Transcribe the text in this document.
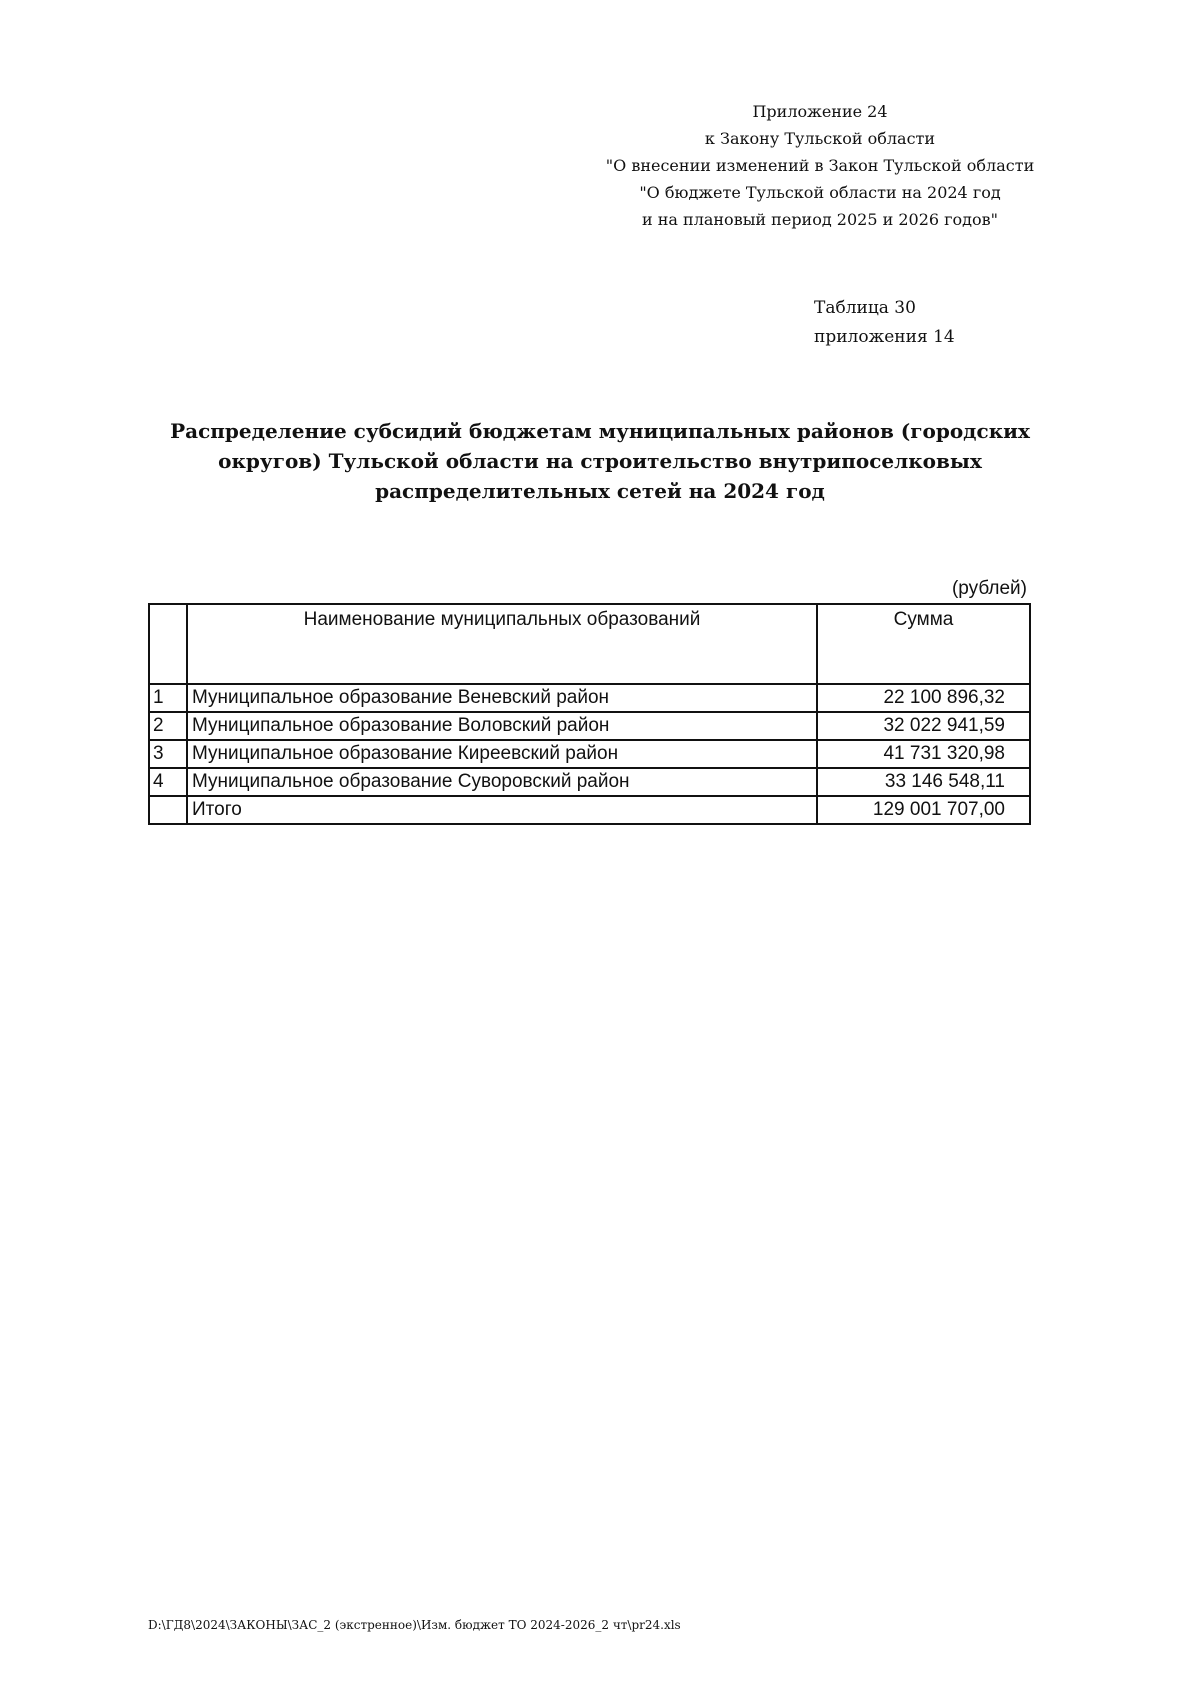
Приложение 24
к Закону Тульской области
"О внесении изменений в Закон Тульской области
"О бюджете Тульской области на 2024 год
и на плановый период 2025 и 2026 годов"
Таблица 30
приложения 14
Распределение субсидий бюджетам муниципальных районов (городских
округов) Тульской области на строительство внутрипоселковых
распределительных сетей на 2024 год
(рублей)
	Наименование муниципальных образований	Сумма
1	Муниципальное образование Веневский район	22 100 896,32
2	Муниципальное образование Воловский район	32 022 941,59
3	Муниципальное образование Киреевский район	41 731 320,98
4	Муниципальное образование Суворовский район	33 146 548,11
	Итого	129 001 707,00
D:\ГД8\2024\ЗАКОНЫ\ЗАС_2 (экстренное)\Изм. бюджет ТО 2024-2026_2 чт\pr24.xls
